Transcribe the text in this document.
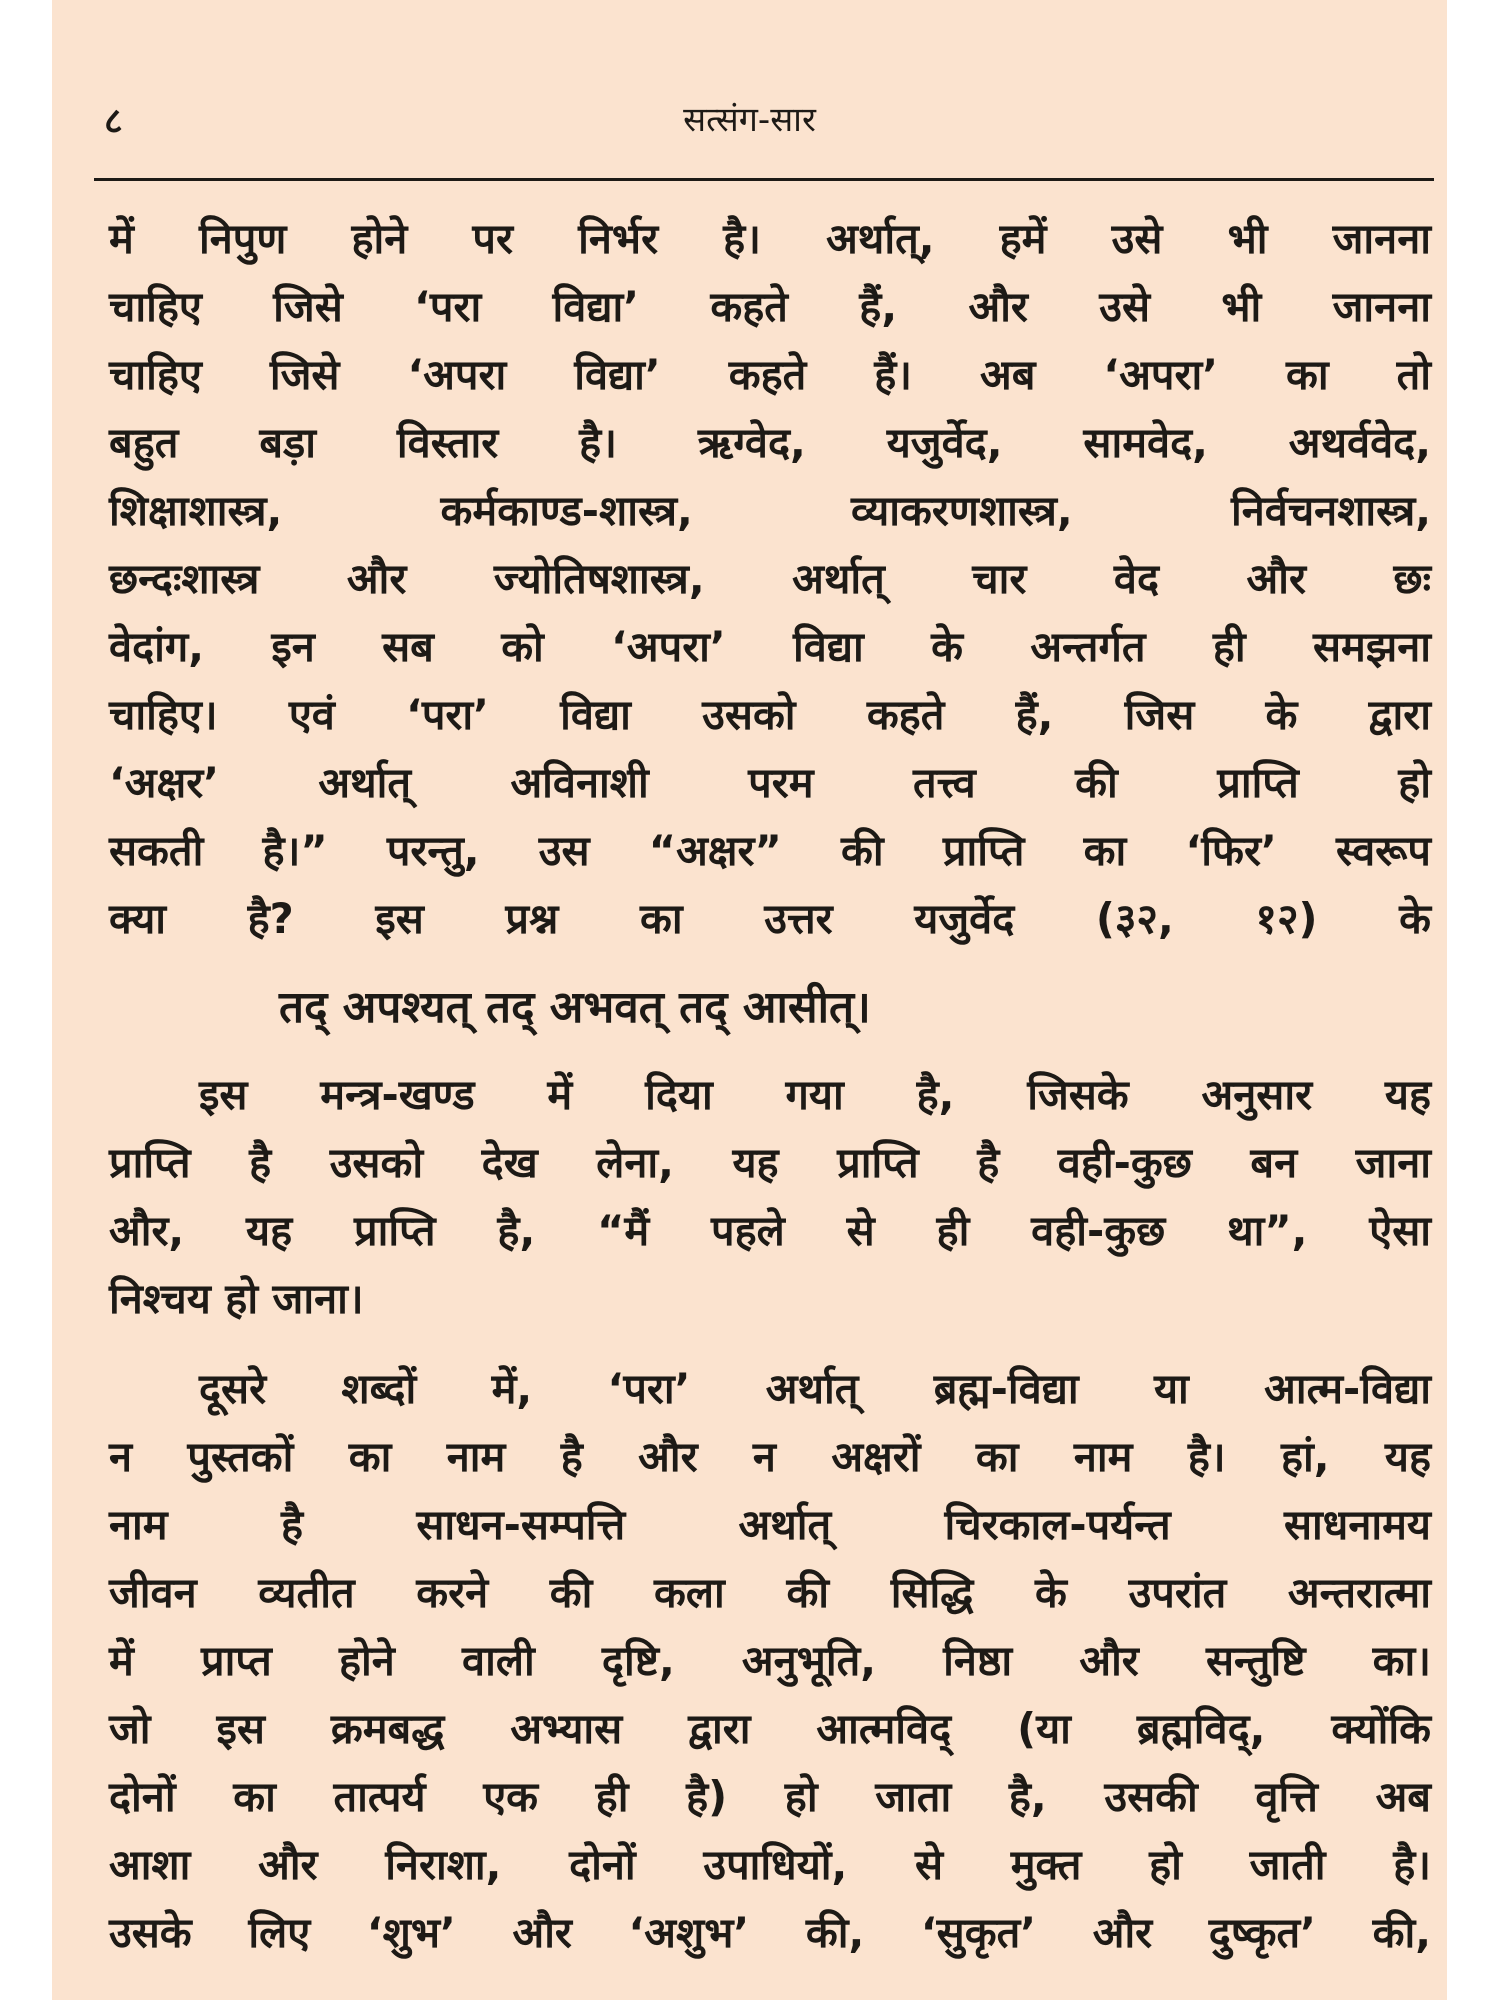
८	सत्संग-सार

में निपुण होने पर निर्भर है। अर्थात्, हमें उसे भी जानना
चाहिए जिसे ‘परा विद्या’ कहते हैं, और उसे भी जानना
चाहिए जिसे ‘अपरा विद्या’ कहते हैं। अब ‘अपरा’ का तो
बहुत बड़ा विस्तार है। ऋग्वेद, यजुर्वेद, सामवेद, अथर्ववेद,
शिक्षाशास्त्र, कर्मकाण्ड-शास्त्र, व्याकरणशास्त्र, निर्वचनशास्त्र,
छन्दःशास्त्र और ज्योतिषशास्त्र, अर्थात् चार वेद और छः
वेदांग, इन सब को ‘अपरा’ विद्या के अन्तर्गत ही समझना
चाहिए। एवं ‘परा’ विद्या उसको कहते हैं, जिस के द्वारा
‘अक्षर’ अर्थात् अविनाशी परम तत्त्व की प्राप्ति हो
सकती है।” परन्तु, उस “अक्षर” की प्राप्ति का ‘फिर’ स्वरूप
क्या है? इस प्रश्न का उत्तर यजुर्वेद (३२, १२) के

तद् अपश्यत् तद् अभवत् तद् आसीत्।

इस मन्त्र-खण्ड में दिया गया है, जिसके अनुसार यह
प्राप्ति है उसको देख लेना, यह प्राप्ति है वही-कुछ बन जाना
और, यह प्राप्ति है, “मैं पहले से ही वही-कुछ था”, ऐसा
निश्चय हो जाना।

दूसरे शब्दों में, ‘परा’ अर्थात् ब्रह्म-विद्या या आत्म-विद्या
न पुस्तकों का नाम है और न अक्षरों का नाम है। हां, यह
नाम है साधन-सम्पत्ति अर्थात् चिरकाल-पर्यन्त साधनामय
जीवन व्यतीत करने की कला की सिद्धि के उपरांत अन्तरात्मा
में प्राप्त होने वाली दृष्टि, अनुभूति, निष्ठा और सन्तुष्टि का।
जो इस क्रमबद्ध अभ्यास द्वारा आत्मविद् (या ब्रह्मविद्, क्योंकि
दोनों का तात्पर्य एक ही है) हो जाता है, उसकी वृत्ति अब
आशा और निराशा, दोनों उपाधियों, से मुक्त हो जाती है।
उसके लिए ‘शुभ’ और ‘अशुभ’ की, ‘सुकृत’ और दुष्कृत’ की,
